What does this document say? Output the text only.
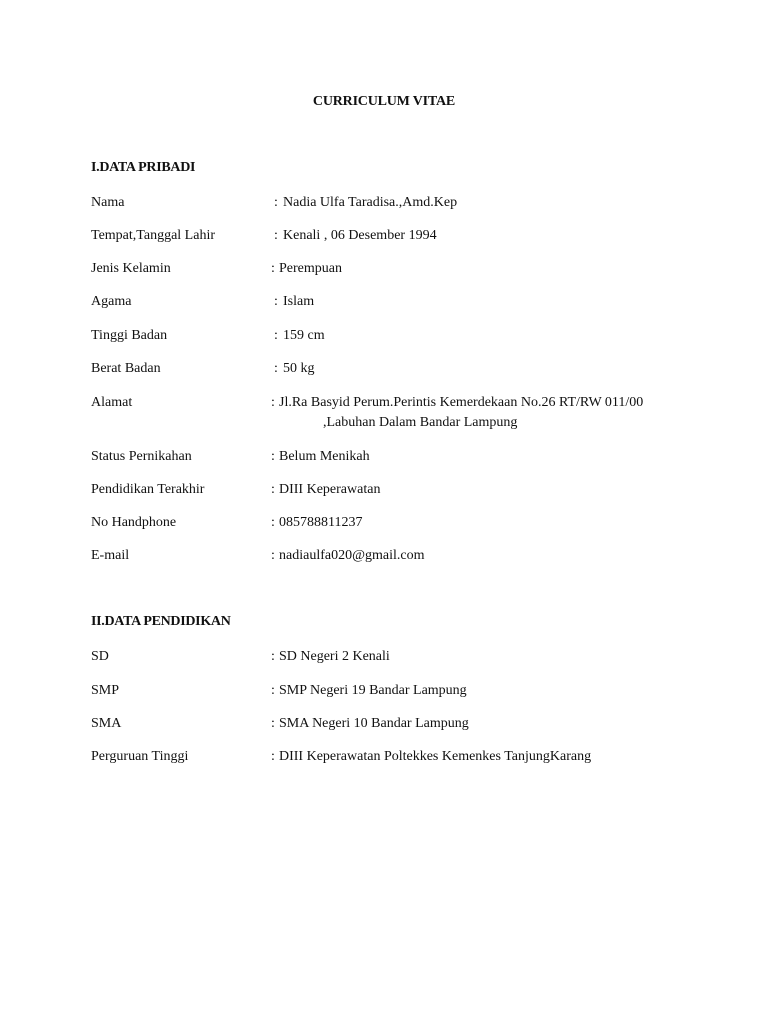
CURRICULUM VITAE
I.DATA PRIBADI
Nama	: Nadia Ulfa Taradisa.,Amd.Kep
Tempat,Tanggal Lahir	: Kenali , 06 Desember 1994
Jenis Kelamin	: Perempuan
Agama	: Islam
Tinggi Badan	: 159 cm
Berat Badan	: 50 kg
Alamat	: Jl.Ra Basyid Perum.Perintis Kemerdekaan No.26 RT/RW 011/00
,Labuhan Dalam Bandar Lampung
Status Pernikahan	: Belum Menikah
Pendidikan Terakhir	: DIII Keperawatan
No Handphone	: 085788811237
E-mail	: nadiaulfa020@gmail.com
II.DATA PENDIDIKAN
SD	: SD Negeri 2 Kenali
SMP	: SMP Negeri 19 Bandar Lampung
SMA	: SMA Negeri 10 Bandar Lampung
Perguruan Tinggi	: DIII Keperawatan Poltekkes Kemenkes TanjungKarang
